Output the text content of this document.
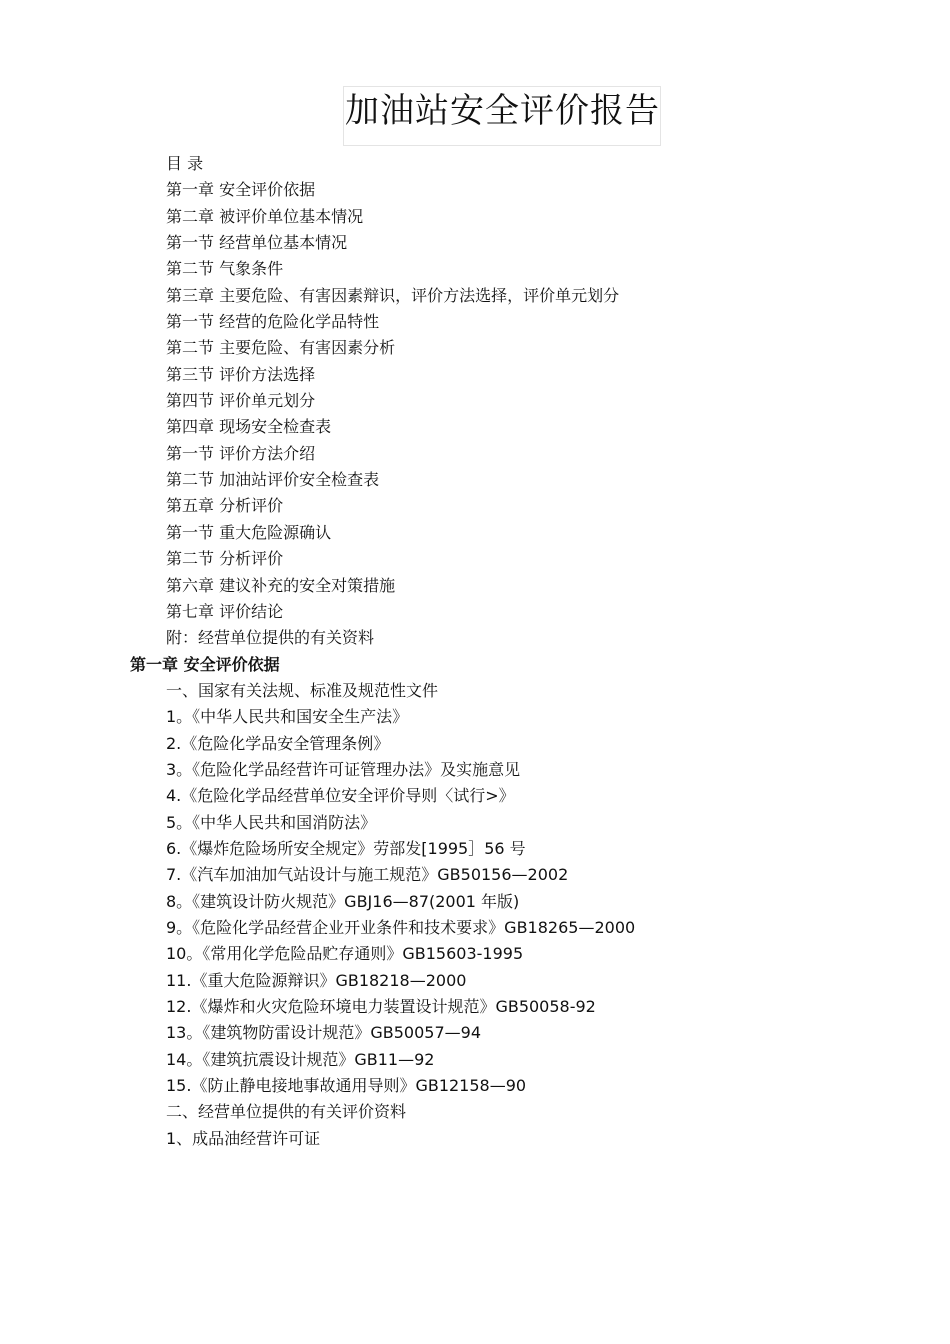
加油站安全评价报告
目 录
第一章 安全评价依据
第二章 被评价单位基本情况
第一节 经营单位基本情况
第二节 气象条件
第三章 主要危险、有害因素辩识，评价方法选择，评价单元划分
第一节 经营的危险化学品特性
第二节 主要危险、有害因素分析
第三节 评价方法选择
第四节 评价单元划分
第四章 现场安全检查表
第一节 评价方法介绍
第二节 加油站评价安全检查表
第五章 分析评价
第一节 重大危险源确认
第二节 分析评价
第六章 建议补充的安全对策措施
第七章 评价结论
附：经营单位提供的有关资料
第一章 安全评价依据
一、国家有关法规、标准及规范性文件
1。《中华人民共和国安全生产法》
2.《危险化学品安全管理条例》
3。《危险化学品经营许可证管理办法》及实施意见
4.《危险化学品经营单位安全评价导则〈试行>》
5。《中华人民共和国消防法》
6.《爆炸危险场所安全规定》劳部发[1995］56 号
7.《汽车加油加气站设计与施工规范》GB50156—2002
8。《建筑设计防火规范》GBJ16—87(2001 年版)
9。《危险化学品经营企业开业条件和技术要求》GB18265—2000
10。《常用化学危险品贮存通则》GB15603-1995
11.《重大危险源辩识》GB18218—2000
12.《爆炸和火灾危险环境电力装置设计规范》GB50058-92
13。《建筑物防雷设计规范》GB50057—94
14。《建筑抗震设计规范》GB11—92
15.《防止静电接地事故通用导则》GB12158—90
二、经营单位提供的有关评价资料
1、成品油经营许可证
